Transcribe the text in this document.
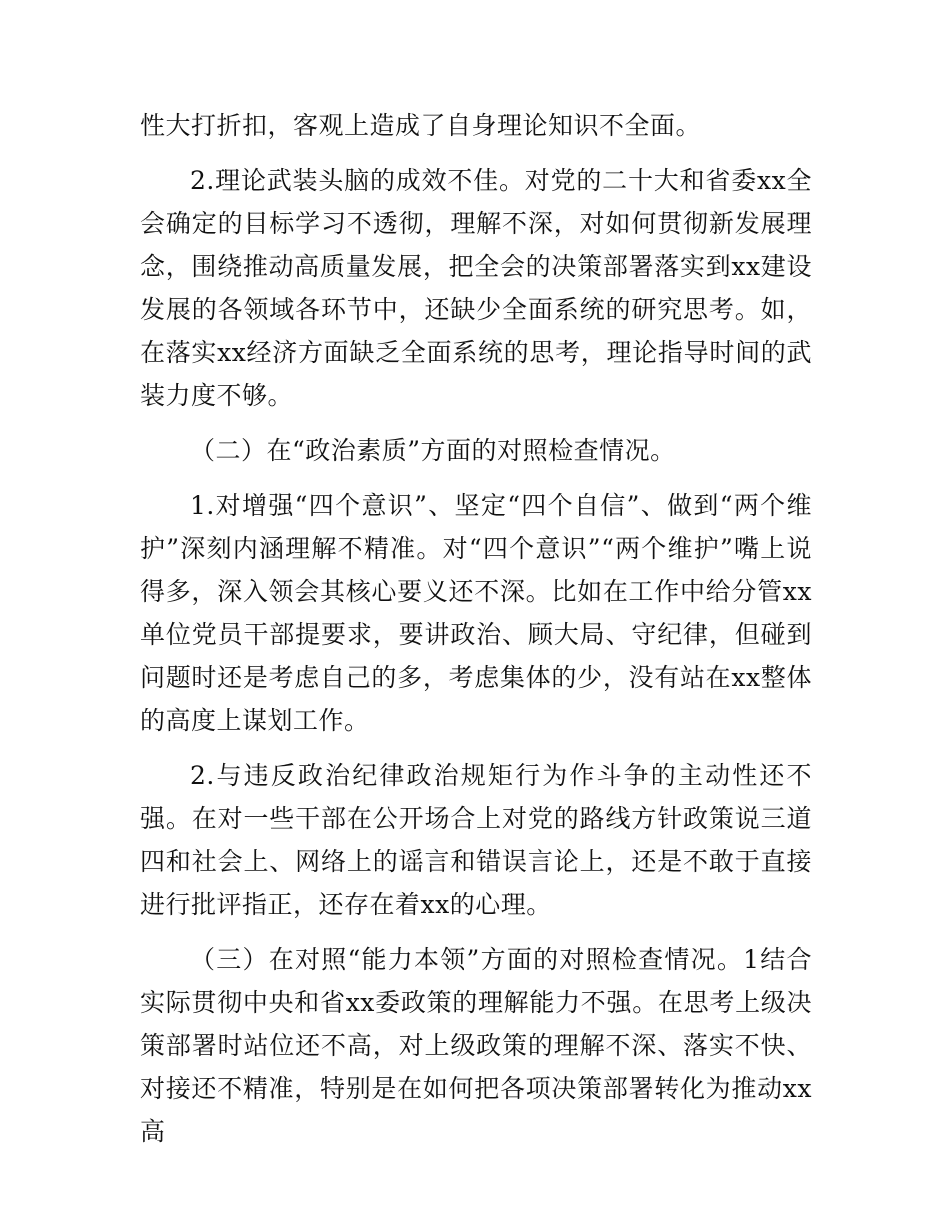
性大打折扣，客观上造成了自身理论知识不全面。

2.理论武装头脑的成效不佳。对党的二十大和省委xx全会确定的目标学习不透彻，理解不深，对如何贯彻新发展理念，围绕推动高质量发展，把全会的决策部署落实到xx建设发展的各领域各环节中，还缺少全面系统的研究思考。如，在落实xx经济方面缺乏全面系统的思考，理论指导时间的武装力度不够。

（二）在“政治素质”方面的对照检查情况。

1.对增强“四个意识”、坚定“四个自信”、做到“两个维护”深刻内涵理解不精准。对“四个意识”“两个维护”嘴上说得多，深入领会其核心要义还不深。比如在工作中给分管xx单位党员干部提要求，要讲政治、顾大局、守纪律，但碰到问题时还是考虑自己的多，考虑集体的少，没有站在xx整体的高度上谋划工作。

2.与违反政治纪律政治规矩行为作斗争的主动性还不强。在对一些干部在公开场合上对党的路线方针政策说三道四和社会上、网络上的谣言和错误言论上，还是不敢于直接进行批评指正，还存在着xx的心理。

（三）在对照“能力本领”方面的对照检查情况。1结合实际贯彻中央和省xx委政策的理解能力不强。在思考上级决策部署时站位还不高，对上级政策的理解不深、落实不快、对接还不精准，特别是在如何把各项决策部署转化为推动xx高
